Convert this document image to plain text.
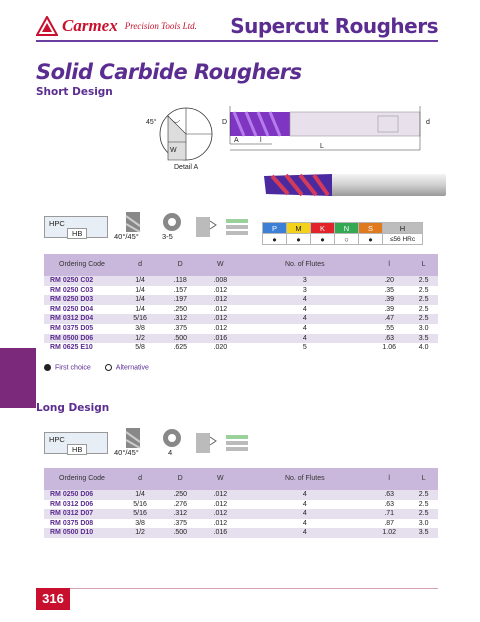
Carmex Precision Tools Ltd. Supercut Roughers
Solid Carbide Roughers
Short Design
45°
W
Detail A
D	d
A	l
L
HPC
HB	40°/45°	3-5
P	M	K	N	S	H
●	●	●	○	●	≤56 HRc
Ordering Code	d	D	W	No. of Flutes	l	L
RM 0250 C02	1/4	.118	.008	3	.20	2.5
RM 0250 C03	1/4	.157	.012	3	.35	2.5
RM 0250 D03	1/4	.197	.012	4	.39	2.5
RM 0250 D04	1/4	.250	.012	4	.39	2.5
RM 0312 D04	5/16	.312	.012	4	.47	2.5
RM 0375 D05	3/8	.375	.012	4	.55	3.0
RM 0500 D06	1/2	.500	.016	4	.63	3.5
RM 0625 E10	5/8	.625	.020	5	1.06	4.0
First choice	Alternative
Long Design
HPC
HB	40°/45°	4
Ordering Code	d	D	W	No. of Flutes	l	L
RM 0250 D06	1/4	.250	.012	4	.63	2.5
RM 0312 D06	5/16	.276	.012	4	.63	2.5
RM 0312 D07	5/16	.312	.012	4	.71	2.5
RM 0375 D08	3/8	.375	.012	4	.87	3.0
RM 0500 D10	1/2	.500	.016	4	1.02	3.5
316
